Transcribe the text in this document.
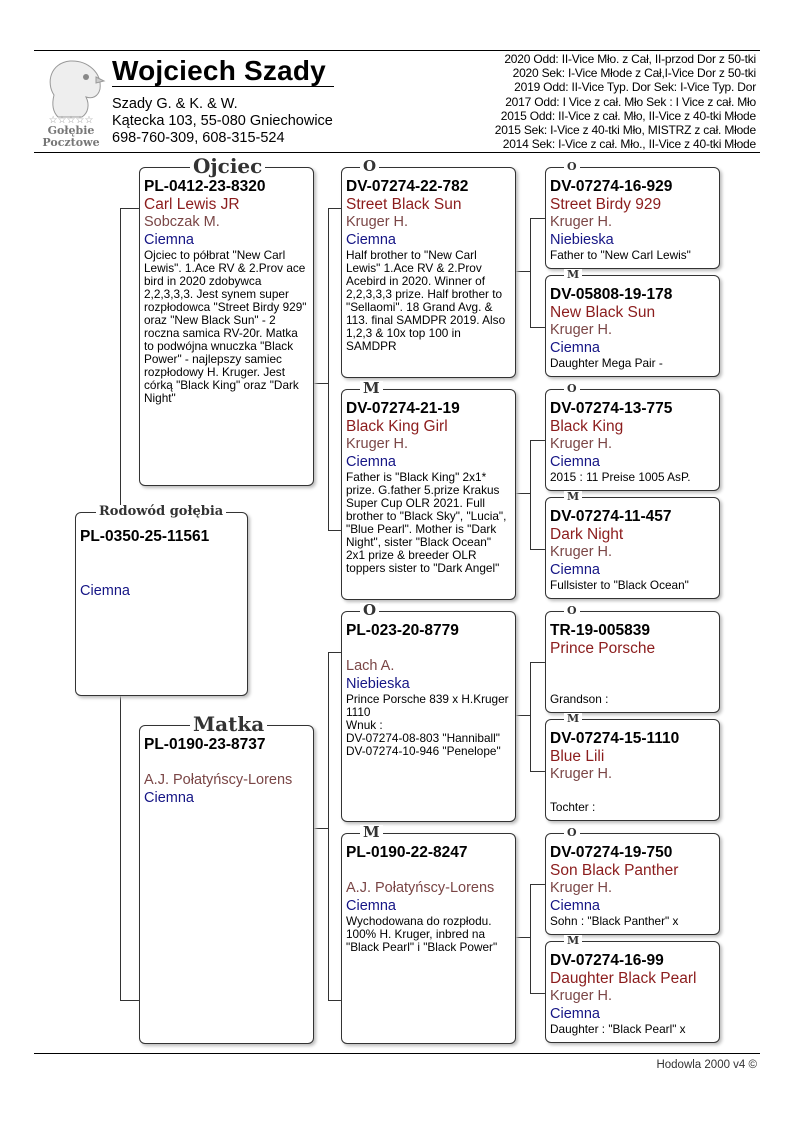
☆☆☆☆☆
Gołębie
Pocztowe
Wojciech Szady
Szady G. & K. & W.
Kątecka 103, 55-080 Gniechowice
698-760-309, 608-315-524
2020 Odd: II-Vice Mło. z Cał, II-przod Dor z 50-tki
2020 Sek: I-Vice Młode z Cał,I-Vice Dor z 50-tki
2019 Odd: II-Vice Typ. Dor Sek: I-Vice Typ. Dor
2017 Odd: I Vice z cał. Mło Sek : I Vice z cał. Mło
2015 Odd: II-Vice z cał. Mło, II-Vice z 40-tki Młode
2015 Sek: I-Vice z 40-tki Mło, MISTRZ z cał. Młode
2014 Sek: I-Vice z cał. Mło., II-Vice z 40-tki Młode
Rodowód gołębia
PL-0350-25-11561
Ciemna
Ojciec
PL-0412-23-8320
Carl Lewis JR
Sobczak M.
Ciemna
Ojciec to półbrat "New Carl Lewis". 1.Ace RV & 2.Prov ace bird in 2020 zdobywca 2,2,3,3,3. Jest synem super rozpłodowca "Street Birdy 929" oraz "New Black Sun" - 2 roczna samica RV-20r. Matka to podwójna wnuczka "Black Power" - najlepszy samiec rozpłodowy H. Kruger. Jest córką "Black King" oraz "Dark Night"
Matka
PL-0190-23-8737
A.J. Połatyńscy-Lorens
Ciemna
O
DV-07274-22-782
Street Black Sun
Kruger H.
Ciemna
Half brother to "New Carl Lewis" 1.Ace RV & 2.Prov Acebird in 2020. Winner of 2,2,3,3,3 prize. Half brother to "Sellaomi". 18 Grand Avg. & 113. final SAMDPR 2019. Also 1,2,3 & 10x top 100 in SAMDPR
M
DV-07274-21-19
Black King Girl
Kruger H.
Ciemna
Father is "Black King" 2x1* prize. G.father 5.prize Krakus Super Cup OLR 2021. Full brother to "Black Sky", "Lucia", "Blue Pearl". Mother is "Dark Night", sister "Black Ocean" 2x1 prize & breeder OLR toppers sister to "Dark Angel"
O
PL-023-20-8779
Lach A.
Niebieska
Prince Porsche 839 x H.Kruger 1110
Wnuk :
DV-07274-08-803 "Hanniball"
DV-07274-10-946 "Penelope"
M
PL-0190-22-8247
A.J. Połatyńscy-Lorens
Ciemna
Wychodowana do rozpłodu. 100% H. Kruger, inbred na "Black Pearl" i "Black Power"
O
DV-07274-16-929
Street Birdy 929
Kruger H.
Niebieska
Father to "New Carl Lewis"
M
DV-05808-19-178
New Black Sun
Kruger H.
Ciemna
Daughter Mega Pair -
O
DV-07274-13-775
Black King
Kruger H.
Ciemna
2015 : 11 Preise 1005 AsP.
M
DV-07274-11-457
Dark Night
Kruger H.
Ciemna
Fullsister to "Black Ocean"
O
TR-19-005839
Prince Porsche
Grandson :
M
DV-07274-15-1110
Blue Lili
Kruger H.
Tochter :
O
DV-07274-19-750
Son Black Panther
Kruger H.
Ciemna
Sohn : "Black Panther" x
M
DV-07274-16-99
Daughter Black Pearl
Kruger H.
Ciemna
Daughter : "Black Pearl" x
Hodowla 2000 v4 ©
